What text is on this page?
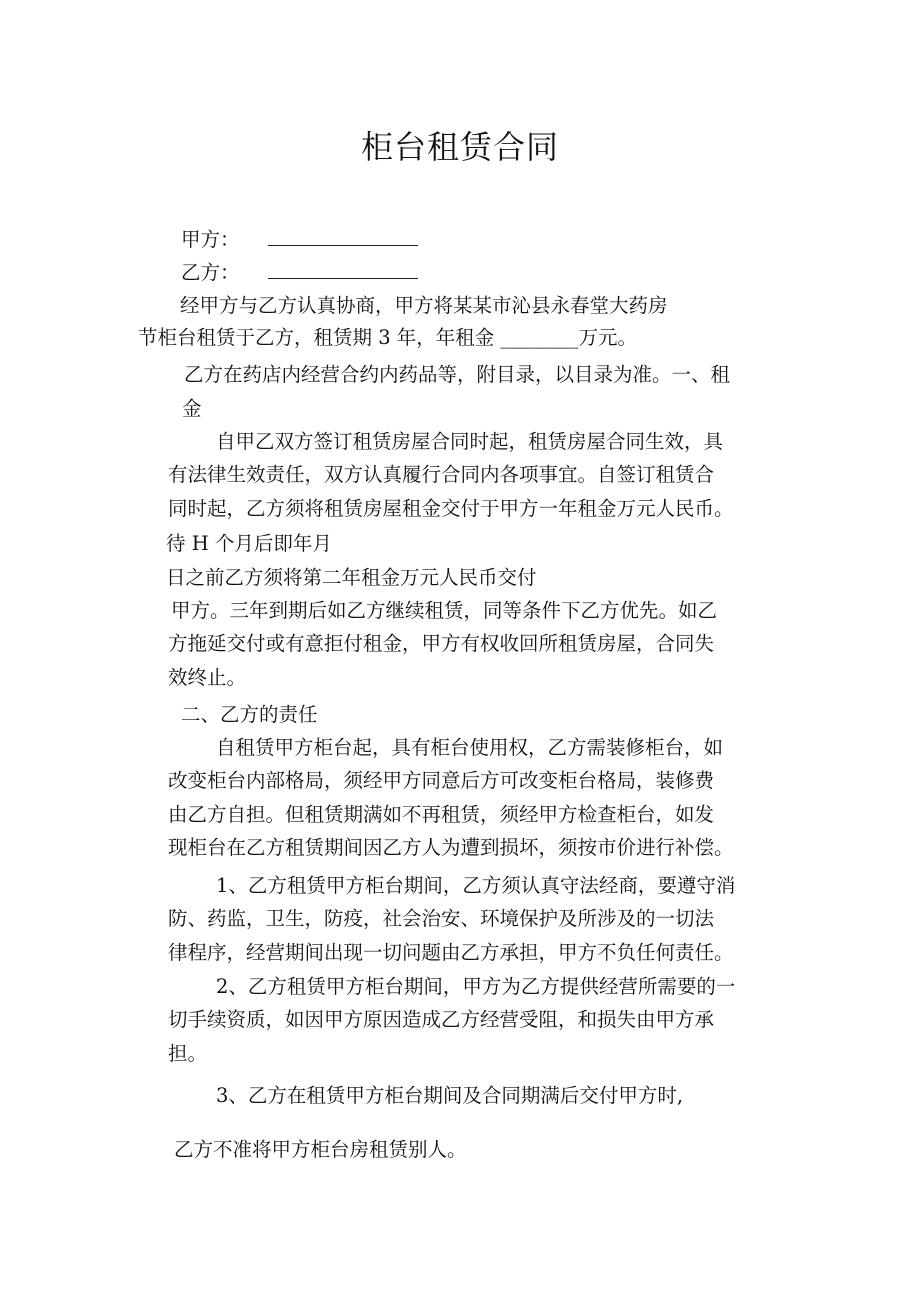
柜台租赁合同
甲方：
乙方：
经甲方与乙方认真协商，甲方将某某市沁县永春堂大药房
节柜台租赁于乙方，租赁期 3 年，年租金 ________万元。
乙方在药店内经营合约内药品等，附目录，以目录为准。一、租
金
自甲乙双方签订租赁房屋合同时起，租赁房屋合同生效，具
有法律生效责任，双方认真履行合同内各项事宜。自签订租赁合
同时起，乙方须将租赁房屋租金交付于甲方一年租金万元人民币。
待 H 个月后即年月
日之前乙方须将第二年租金万元人民币交付
甲方。三年到期后如乙方继续租赁，同等条件下乙方优先。如乙
方拖延交付或有意拒付租金，甲方有权收回所租赁房屋，合同失
效终止。
二、乙方的责任
自租赁甲方柜台起，具有柜台使用权，乙方需装修柜台，如
改变柜台内部格局，须经甲方同意后方可改变柜台格局，装修费
由乙方自担。但租赁期满如不再租赁，须经甲方检查柜台，如发
现柜台在乙方租赁期间因乙方人为遭到损坏，须按市价进行补偿。
1、乙方租赁甲方柜台期间，乙方须认真守法经商，要遵守消
防、药监，卫生，防疫，社会治安、环境保护及所涉及的一切法
律程序，经营期间出现一切问题由乙方承担，甲方不负任何责任。
2、乙方租赁甲方柜台期间，甲方为乙方提供经营所需要的一
切手续资质，如因甲方原因造成乙方经营受阻，和损失由甲方承
担。
3、乙方在租赁甲方柜台期间及合同期满后交付甲方时,
乙方不准将甲方柜台房租赁别人。
